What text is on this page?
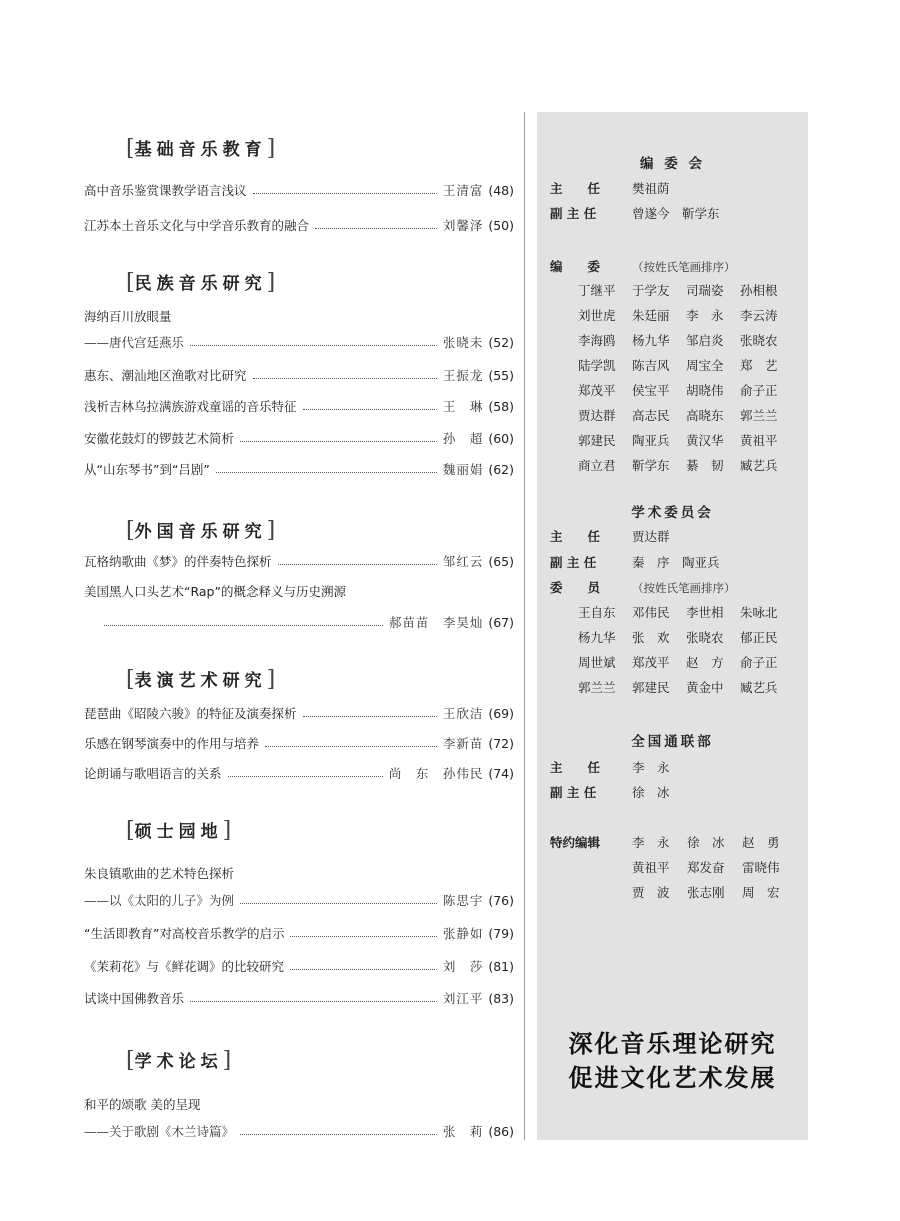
[基础音乐教育]
高中音乐鉴赏课教学语言浅议	王清富 (48)
江苏本土音乐文化与中学音乐教育的融合	刘馨泽 (50)
[民族音乐研究]
海纳百川放眼量
——唐代宫廷燕乐	张晓未 (52)
惠东、潮汕地区渔歌对比研究	王振龙 (55)
浅析吉林乌拉满族游戏童谣的音乐特征	王　琳 (58)
安徽花鼓灯的锣鼓艺术简析	孙　超 (60)
从“山东琴书”到“吕剧”	魏丽娟 (62)
[外国音乐研究]
瓦格纳歌曲《梦》的伴奏特色探析	邹红云 (65)
美国黑人口头艺术“Rap”的概念释义与历史溯源
郝苗苗　李昊灿 (67)
[表演艺术研究]
琵琶曲《昭陵六骏》的特征及演奏探析	王欣洁 (69)
乐感在钢琴演奏中的作用与培养	李新苗 (72)
论朗诵与歌唱语言的关系	尚　东　孙伟民 (74)
[硕士园地]
朱良镇歌曲的艺术特色探析
——以《太阳的儿子》为例	陈思宇 (76)
“生活即教育”对高校音乐教学的启示	张静如 (79)
《茉莉花》与《鲜花调》的比较研究	刘　莎 (81)
试谈中国佛教音乐	刘江平 (83)
[学术论坛]
和平的颂歌 美的呈现
——关于歌剧《木兰诗篇》	张　莉 (86)
编 委 会
主　　任	樊祖荫
副 主 任	曾遂今　靳学东
编　　委	（按姓氏笔画排序）
丁继平	于学友	司瑞姿	孙相根
刘世虎	朱廷丽	李　永	李云涛
李海鸥	杨九华	邹启炎	张晓农
陆学凯	陈吉风	周宝全	郑　艺
郑茂平	侯宝平	胡晓伟	俞子正
贾达群	高志民	高晓东	郭兰兰
郭建民	陶亚兵	黄汉华	黄祖平
商立君	靳学东	綦　韧	臧艺兵
学术委员会
主　　任	贾达群
副 主 任	秦　序　陶亚兵
委　　员	（按姓氏笔画排序）
王自东	邓伟民	李世相	朱咏北
杨九华	张　欢	张晓农	郁正民
周世斌	郑茂平	赵　方	俞子正
郭兰兰	郭建民	黄金中	臧艺兵
全国通联部
主　　任	李　永
副 主 任	徐　冰
特约编辑	李　永	徐　冰	赵　勇
黄祖平	郑发奋	雷晓伟
贾　波	张志刚	周　宏
深化音乐理论研究
促进文化艺术发展
